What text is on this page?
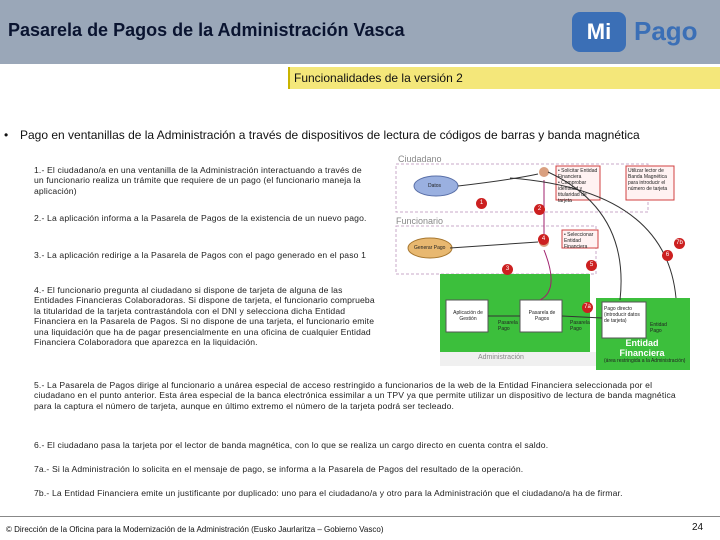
Pasarela de Pagos de la Administración Vasca	Mi Pago
Funcionalidades de la versión 2
• Pago en ventanillas de la Administración a través de dispositivos de lectura de códigos de barras y banda magnética
1.- El ciudadano/a en una ventanilla de la Administración interactuando a través de un funcionario realiza un trámite que requiere de un pago (el funcionario maneja la aplicación)
2.- La aplicación informa a la Pasarela de Pagos de la existencia de un nuevo pago.
3.- La aplicación redirige a la Pasarela de Pagos con el pago generado en el paso 1
4.- El funcionario pregunta al ciudadano si dispone de tarjeta de alguna de las Entidades Financieras Colaboradoras. Si dispone de tarjeta, el funcionario comprueba la titularidad de la tarjeta contrastándola con el DNI y selecciona dicha Entidad Financiera en la Pasarela de Pagos. Si no dispone de una tarjeta, el funcionario emite una liquidación que ha de pagar presencialmente en una oficina de cualquier Entidad Financiera Colaboradora que aparezca en la liquidación.
Ciudadano
Funcionario
Administración
Datos
Generar Pago
• Solicitar Entidad Financiera
• Comprobar identidad y titularidad de tarjeta
Utilizar lector de Banda Magnética para introducir el número de tarjeta
• Seleccionar Entidad Financiera
Aplicación de Gestión
Pasarela de Pagos
Pago directo (introducir datos de tarjeta)
Pasarela Pago
Pasarela Pago
Entidad Pago
Entidad Financiera
(área restringida a la Administración)
1
2
3
4
5
6
7a
7b
5.- La Pasarela de Pagos dirige al funcionario a unárea especial de acceso restringido a funcionarios de la web de la Entidad Financiera seleccionada por el ciudadano en el punto anterior. Esta área especial de la banca electrónica essimilar a un TPV ya que permite utilizar un dispositivo de lectura de banda magnética para la captura el número de tarjeta, aunque en último extremo el número de la tarjeta podrá ser tecleado.
6.- El ciudadano pasa la tarjeta por el lector de banda magnética, con lo que se realiza un cargo directo en cuenta contra el saldo.
7a.- Si la Administración lo solicita en el mensaje de pago, se informa a la Pasarela de Pagos del resultado de la operación.
7b.- La Entidad Financiera emite un justificante por duplicado: uno para el ciudadano/a y otro para la Administración que el ciudadano/a ha de firmar.
© Dirección de la Oficina para la Modernización de la Administración (Eusko Jaurlaritza – Gobierno Vasco)	24
